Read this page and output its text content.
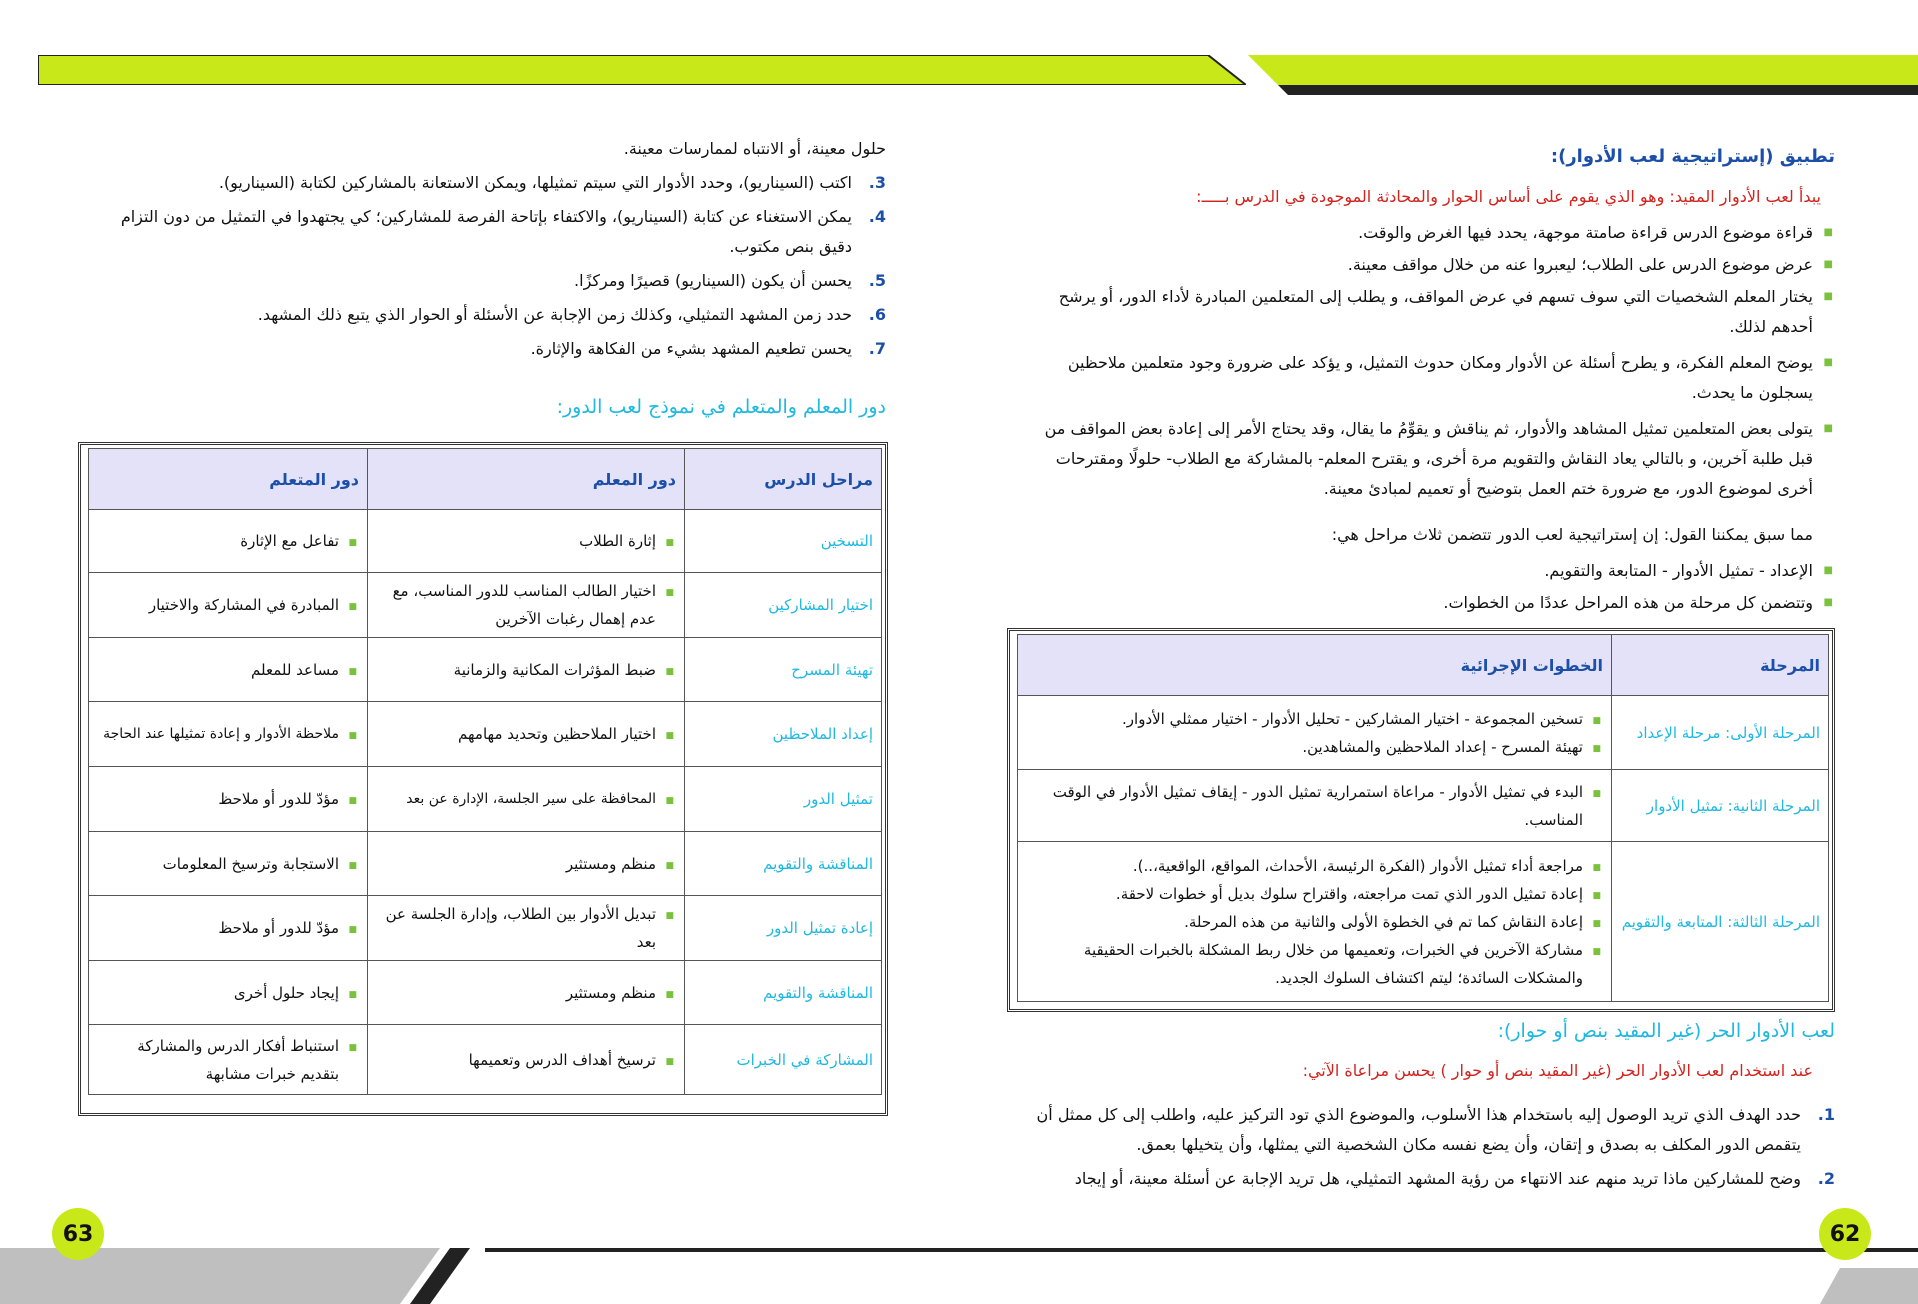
63	62
تطبيق (إستراتيجية لعب الأدوار):
يبدأ لعب الأدوار المقيد: وهو الذي يقوم على أساس الحوار والمحادثة الموجودة في الدرس بـــــ:
■ قراءة موضوع الدرس قراءة صامتة موجهة، يحدد فيها الغرض والوقت.
■ عرض موضوع الدرس على الطلاب؛ ليعبروا عنه من خلال مواقف معينة.
■ يختار المعلم الشخصيات التي سوف تسهم في عرض المواقف، و يطلب إلى المتعلمين المبادرة لأداء الدور، أو يرشح أحدهم لذلك.
■ يوضح المعلم الفكرة، و يطرح أسئلة عن الأدوار ومكان حدوث التمثيل، و يؤكد على ضرورة وجود متعلمين ملاحظين يسجلون ما يحدث.
■ يتولى بعض المتعلمين تمثيل المشاهد والأدوار، ثم يناقش و يقوِّمُ ما يقال، وقد يحتاج الأمر إلى إعادة بعض المواقف من قبل طلبة آخرين، و بالتالي يعاد النقاش والتقويم مرة أخرى، و يقترح المعلم- بالمشاركة مع الطلاب- حلولًا ومقترحات أخرى لموضوع الدور، مع ضرورة ختم العمل بتوضيح أو تعميم لمبادئ معينة.
مما سبق يمكننا القول: إن إستراتيجية لعب الدور تتضمن ثلاث مراحل هي:
■ الإعداد - تمثيل الأدوار - المتابعة والتقويم.
■ وتتضمن كل مرحلة من هذه المراحل عددًا من الخطوات.
المرحلة	الخطوات الإجرائية
المرحلة الأولى: مرحلة الإعداد	■ تسخين المجموعة - اختيار المشاركين - تحليل الأدوار - اختيار ممثلي الأدوار.
■ تهيئة المسرح - إعداد الملاحظين والمشاهدين.

المرحلة الثانية: تمثيل الأدوار	■ البدء في تمثيل الأدوار - مراعاة استمرارية تمثيل الدور - إيقاف تمثيل الأدوار في الوقت المناسب.

المرحلة الثالثة: المتابعة والتقويم	■ مراجعة أداء تمثيل الأدوار (الفكرة الرئيسة، الأحداث، المواقع، الواقعية،..).
■ إعادة تمثيل الدور الذي تمت مراجعته، واقتراح سلوك بديل أو خطوات لاحقة.
■ إعادة النقاش كما تم في الخطوة الأولى والثانية من هذه المرحلة.
■ مشاركة الآخرين في الخبرات، وتعميمها من خلال ربط المشكلة بالخبرات الحقيقية والمشكلات السائدة؛ ليتم اكتشاف السلوك الجديد.
لعب الأدوار الحر (غير المقيد بنص أو حوار):
عند استخدام لعب الأدوار الحر (غير المقيد بنص أو حوار ) يحسن مراعاة الآتي:
1.
حدد الهدف الذي تريد الوصول إليه باستخدام هذا الأسلوب، والموضوع الذي تود التركيز عليه، واطلب إلى كل ممثل أن يتقمص الدور المكلف به بصدق و إتقان، وأن يضع نفسه مكان الشخصية التي يمثلها، وأن يتخيلها بعمق.
2.
وضح للمشاركين ماذا تريد منهم عند الانتهاء من رؤية المشهد التمثيلي، هل تريد الإجابة عن أسئلة معينة، أو إيجاد
حلول معينة، أو الانتباه لممارسات معينة.
3.
اكتب (السيناريو)، وحدد الأدوار التي سيتم تمثيلها، ويمكن الاستعانة بالمشاركين لكتابة (السيناريو).
4.
يمكن الاستغناء عن كتابة (السيناريو)، والاكتفاء بإتاحة الفرصة للمشاركين؛ كي يجتهدوا في التمثيل من دون التزام دقيق بنص مكتوب.
5.
يحسن أن يكون (السيناريو) قصيرًا ومركزًا.
6.
حدد زمن المشهد التمثيلي، وكذلك زمن الإجابة عن الأسئلة أو الحوار الذي يتبع ذلك المشهد.
7.
يحسن تطعيم المشهد بشيء من الفكاهة والإثارة.
دور المعلم والمتعلم في نموذج لعب الدور:
مراحل الدرس	دور المعلم	دور المتعلم
التسخين	■ إثارة الطلاب	■ تفاعل مع الإثارة

اختيار المشاركين	■ اختيار الطالب المناسب للدور المناسب، مع عدم إهمال رغبات الآخرين	■ المبادرة في المشاركة والاختيار

تهيئة المسرح	■ ضبط المؤثرات المكانية والزمانية	■ مساعد للمعلم

إعداد الملاحظين	■ اختيار الملاحظين وتحديد مهامهم	■ ملاحظة الأدوار و إعادة تمثيلها عند الحاجة

تمثيل الدور	■ المحافظة على سير الجلسة، الإدارة عن بعد	■ مؤدّ للدور أو ملاحظ

المناقشة والتقويم	■ منظم ومستثير	■ الاستجابة وترسيخ المعلومات

إعادة تمثيل الدور	■ تبديل الأدوار بين الطلاب، وإدارة الجلسة عن بعد	■ مؤدّ للدور أو ملاحظ

المناقشة والتقويم	■ منظم ومستثير	■ إيجاد حلول أخرى

المشاركة في الخبرات	■ ترسيخ أهداف الدرس وتعميمها	■ استنباط أفكار الدرس والمشاركة بتقديم خبرات مشابهة
